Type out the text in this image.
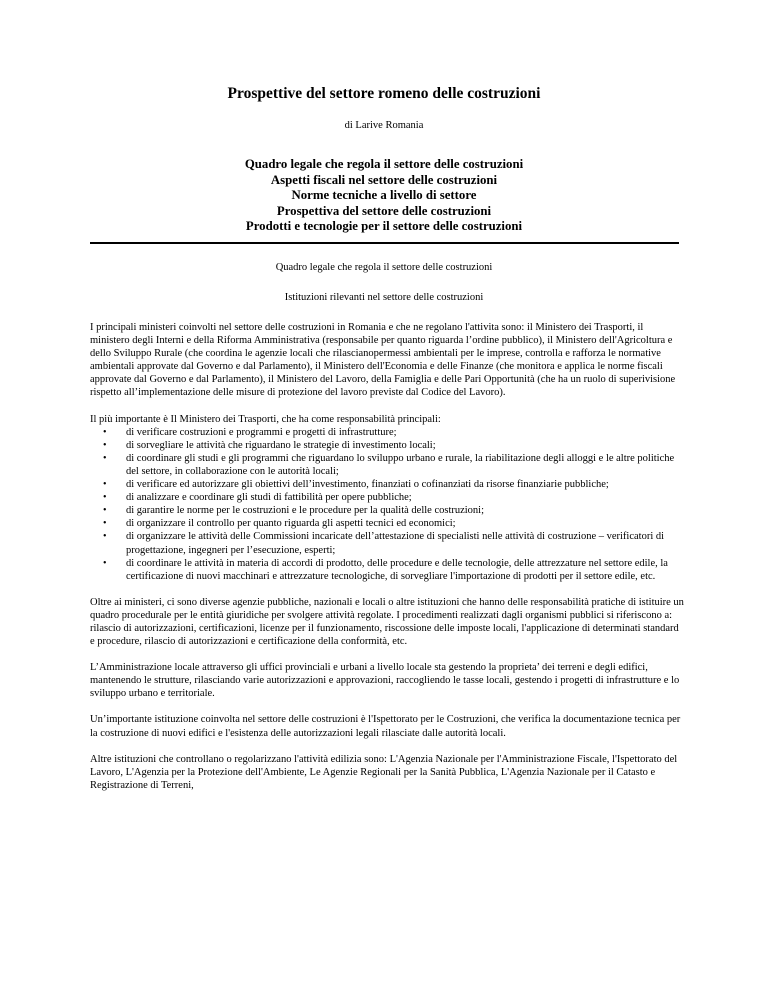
Prospettive del settore romeno delle costruzioni
di Larive Romania
Quadro legale che regola il settore delle costruzioni
Aspetti fiscali nel settore delle costruzioni
Norme tecniche a livello di settore
Prospettiva del settore delle costruzioni
Prodotti e tecnologie per il settore delle costruzioni
Quadro legale che regola il settore delle costruzioni
Istituzioni rilevanti nel settore delle costruzioni

I principali ministeri coinvolti nel settore delle costruzioni in Romania e che ne regolano l'attivita sono: il Ministero dei Trasporti, il ministero degli Interni e della Riforma Amministrativa (responsabile per quanto riguarda l’ordine pubblico), il Ministero dell'Agricoltura e dello Sviluppo Rurale (che coordina le agenzie locali che rilascianopermessi ambientali per le imprese, controlla e rafforza le normative ambientali approvate dal Governo e dal Parlamento), il Ministero dell'Economia e delle Finanze (che monitora e applica le norme fiscali approvate dal Governo e dal Parlamento), il Ministero del Lavoro, della Famiglia e delle Pari Opportunità (che ha un ruolo di superivisione rispetto all’implementazione delle misure di protezione del lavoro previste dal Codice del Lavoro).

Il più importante è Il Ministero dei Trasporti, che ha come responsabilità principali:
• di verificare costruzioni e programmi e progetti di infrastrutture;
• di sorvegliare le attività che riguardano le strategie di investimento locali;
• di coordinare gli studi e gli programmi che riguardano lo sviluppo urbano e rurale, la riabilitazione degli alloggi e le altre politiche del settore, in collaborazione con le autorità locali;
• di verificare ed autorizzare gli obiettivi dell’investimento, finanziati o cofinanziati da risorse finanziarie pubbliche;
• di analizzare e coordinare gli studi di fattibilità per opere pubbliche;
• di garantire le norme per le costruzioni e le procedure per la qualità delle costruzioni;
• di organizzare il controllo per quanto riguarda gli aspetti tecnici ed economici;
• di organizzare le attività delle Commissioni incaricate dell’attestazione di specialisti nelle attività di costruzione – verificatori di progettazione, ingegneri per l’esecuzione, esperti;
• di coordinare le attività in materia di accordi di prodotto, delle procedure e delle tecnologie, delle attrezzature nel settore edile, la certificazione di nuovi macchinari e attrezzature tecnologiche, di sorvegliare l'importazione di prodotti per il settore edile, etc.

Oltre ai ministeri, ci sono diverse agenzie pubbliche, nazionali e locali o altre istituzioni che hanno delle responsabilità pratiche di istituire un quadro procedurale per le entità giuridiche per svolgere attività regolate. I procedimenti realizzati dagli organismi pubblici si riferiscono a: rilascio di autorizzazioni, certificazioni, licenze per il funzionamento, riscossione delle imposte locali, l'applicazione di determinati standard e procedure, rilascio di autorizzazioni e certificazione della conformità, etc.

L’Amministrazione locale attraverso gli uffici provinciali e urbani a livello locale sta gestendo la proprieta’ dei terreni e degli edifici, mantenendo le strutture, rilasciando varie autorizzazioni e approvazioni, raccogliendo le tasse locali, gestendo i progetti di infrastrutture e lo sviluppo urbano e territoriale.

Un’importante istituzione coinvolta nel settore delle costruzioni è l'Ispettorato per le Costruzioni, che verifica la documentazione tecnica per la costruzione di nuovi edifici e l'esistenza delle autorizzazioni legali rilasciate dalle autorità locali.

Altre istituzioni che controllano o regolarizzano l'attività edilizia sono: L'Agenzia Nazionale per l'Amministrazione Fiscale, l'Ispettorato del Lavoro, L'Agenzia per la Protezione dell'Ambiente, Le Agenzie Regionali per la Sanità Pubblica, L'Agenzia Nazionale per il Catasto e Registrazione di Terreni,
